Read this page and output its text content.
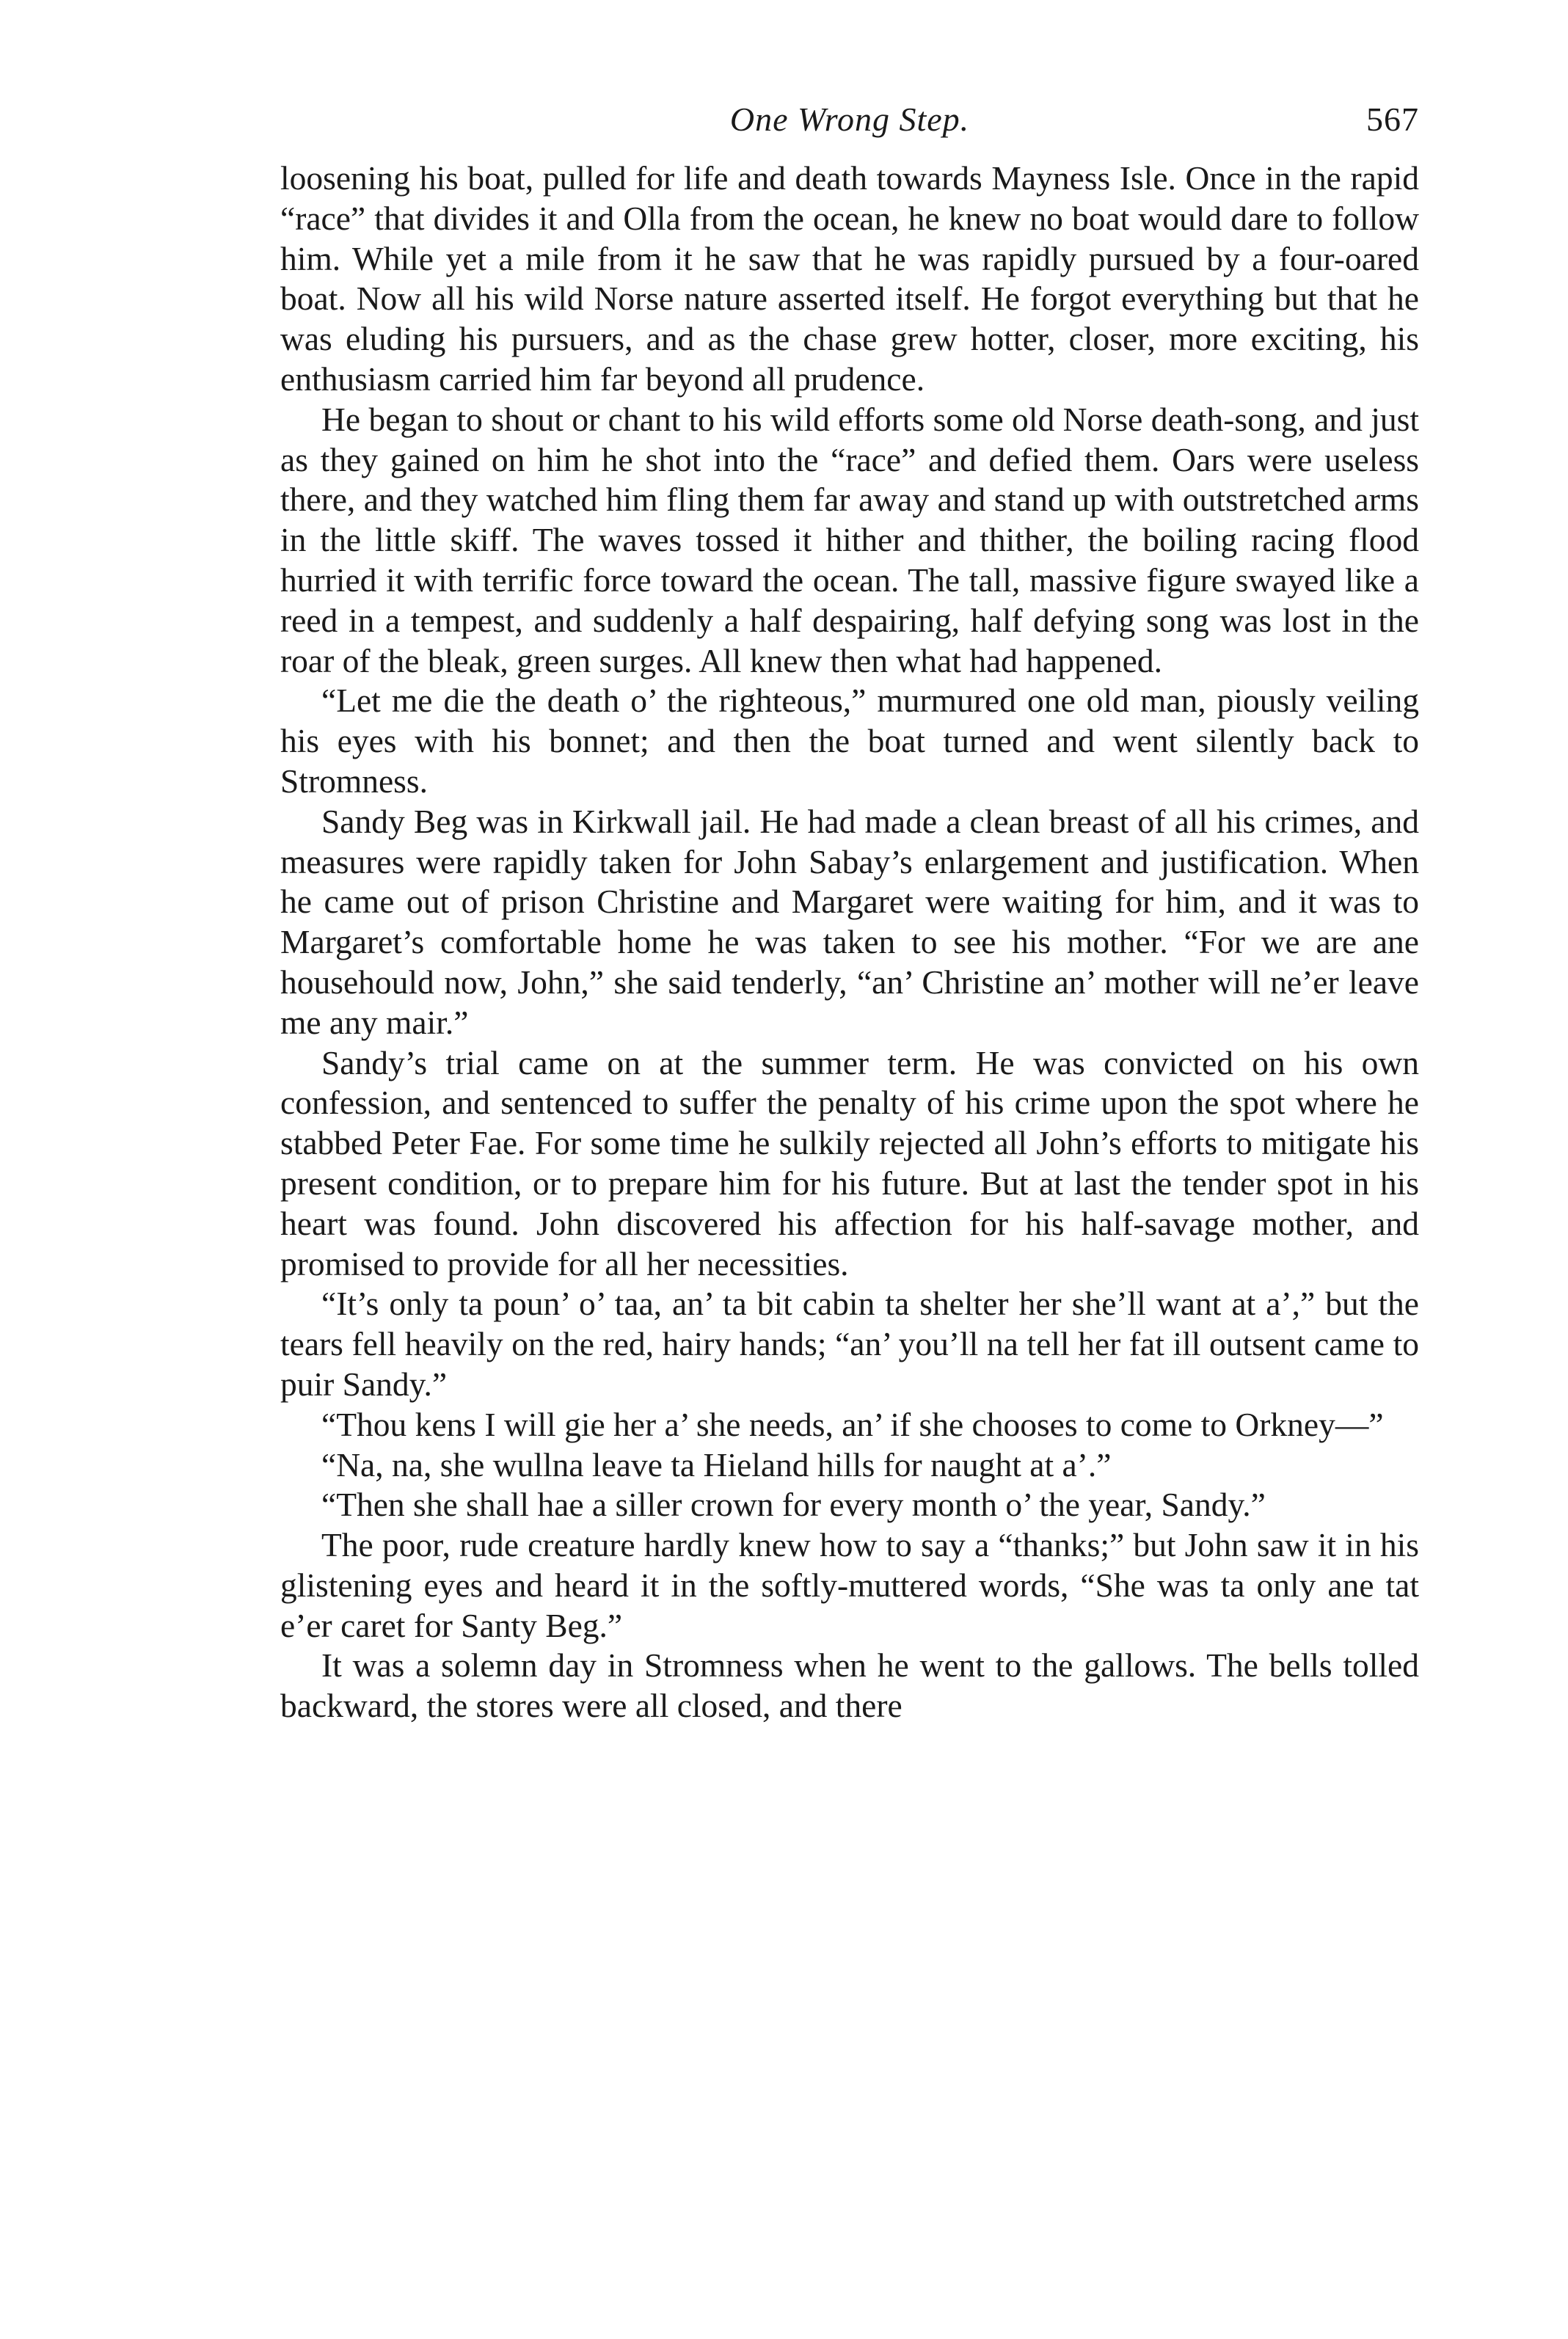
One Wrong Step.	567

loosening his boat, pulled for life and death towards Mayness Isle. Once in the rapid “race” that divides it and Olla from the ocean, he knew no boat would dare to follow him. While yet a mile from it he saw that he was rapidly pursued by a four-oared boat. Now all his wild Norse nature asserted itself. He forgot everything but that he was eluding his pursuers, and as the chase grew hotter, closer, more exciting, his enthusiasm carried him far beyond all prudence.

He began to shout or chant to his wild efforts some old Norse death-song, and just as they gained on him he shot into the “race” and defied them. Oars were useless there, and they watched him fling them far away and stand up with outstretched arms in the little skiff. The waves tossed it hither and thither, the boiling racing flood hurried it with terrific force toward the ocean. The tall, massive figure swayed like a reed in a tempest, and suddenly a half despairing, half defying song was lost in the roar of the bleak, green surges. All knew then what had happened.

“Let me die the death o’ the righteous,” murmured one old man, piously veiling his eyes with his bonnet; and then the boat turned and went silently back to Stromness.

Sandy Beg was in Kirkwall jail. He had made a clean breast of all his crimes, and measures were rapidly taken for John Sabay’s enlargement and justification. When he came out of prison Christine and Margaret were waiting for him, and it was to Margaret’s comfortable home he was taken to see his mother. “For we are ane househould now, John,” she said tenderly, “an’ Christine an’ mother will ne’er leave me any mair.”

Sandy’s trial came on at the summer term. He was convicted on his own confession, and sentenced to suffer the penalty of his crime upon the spot where he stabbed Peter Fae. For some time he sulkily rejected all John’s efforts to mitigate his present condition, or to prepare him for his future. But at last the tender spot in his heart was found. John discovered his affection for his half-savage mother, and promised to provide for all her necessities.

“It’s only ta poun’ o’ taa, an’ ta bit cabin ta shelter her she’ll want at a’,” but the tears fell heavily on the red, hairy hands; “an’ you’ll na tell her fat ill outsent came to puir Sandy.”

“Thou kens I will gie her a’ she needs, an’ if she chooses to come to Orkney—”

“Na, na, she wullna leave ta Hieland hills for naught at a’.”

“Then she shall hae a siller crown for every month o’ the year, Sandy.”

The poor, rude creature hardly knew how to say a “thanks;” but John saw it in his glistening eyes and heard it in the softly-muttered words, “She was ta only ane tat e’er caret for Santy Beg.”

It was a solemn day in Stromness when he went to the gallows. The bells tolled backward, the stores were all closed, and there
